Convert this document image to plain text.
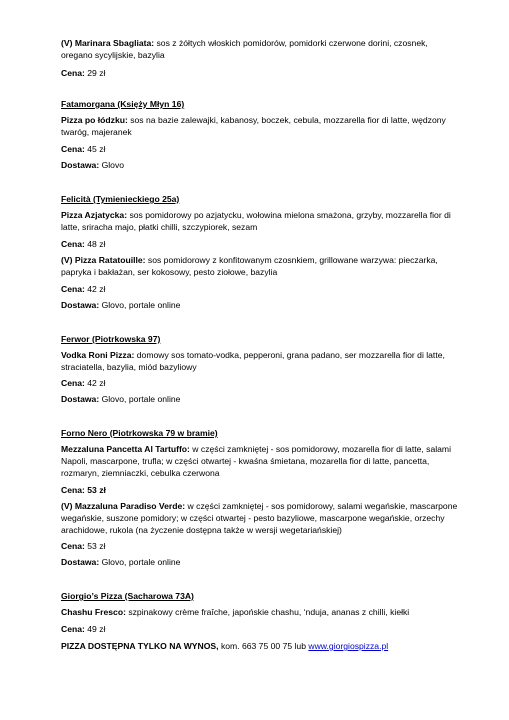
(V) Marinara Sbagliata: sos z żółtych włoskich pomidorów, pomidorki czerwone dorini, czosnek, oregano sycylijskie, bazylia

Cena: 29 zł

Fatamorgana (Księży Młyn 16)

Pizza po łódzku: sos na bazie zalewajki, kabanosy, boczek, cebula, mozzarella fior di latte, wędzony twaróg, majeranek

Cena: 45 zł

Dostawa: Glovo

Felicità (Tymienieckiego 25a)

Pizza Azjatycka: sos pomidorowy po azjatycku, wołowina mielona smażona, grzyby, mozzarella fior di latte, sriracha majo, płatki chilli, szczypiorek, sezam

Cena: 48 zł

(V) Pizza Ratatouille: sos pomidorowy z konfitowanym czosnkiem, grillowane warzywa: pieczarka, papryka i bakłażan, ser kokosowy, pesto ziołowe, bazylia

Cena: 42 zł

Dostawa: Glovo, portale online

Ferwor (Piotrkowska 97)

Vodka Roni Pizza: domowy sos tomato-vodka, pepperoni, grana padano, ser mozzarella fior di latte, straciatella, bazylia, miód bazyliowy

Cena: 42 zł

Dostawa: Glovo, portale online

Forno Nero (Piotrkowska 79 w bramie)

Mezzaluna Pancetta Al Tartuffo: w części zamkniętej - sos pomidorowy, mozarella fior di latte, salami Napoli, mascarpone, trufla; w części otwartej - kwaśna śmietana, mozarella fior di latte, pancetta, rozmaryn, ziemniaczki, cebulka czerwona

Cena: 53 zł

(V) Mazzaluna Paradiso Verde: w części zamkniętej - sos pomidorowy, salami wegańskie, mascarpone wegańskie, suszone pomidory; w części otwartej - pesto bazyliowe, mascarpone wegańskie, orzechy arachidowe, rukola (na życzenie dostępna także w wersji wegetariańskiej)

Cena: 53 zł

Dostawa: Glovo, portale online

Giorgio’s Pizza (Sacharowa 73A)

Chashu Fresco: szpinakowy crème fraîche, japońskie chashu, ‘nduja, ananas z chilli, kiełki

Cena: 49 zł

PIZZA DOSTĘPNA TYLKO NA WYNOS, kom. 663 75 00 75 lub www.giorgiospizza.pl
